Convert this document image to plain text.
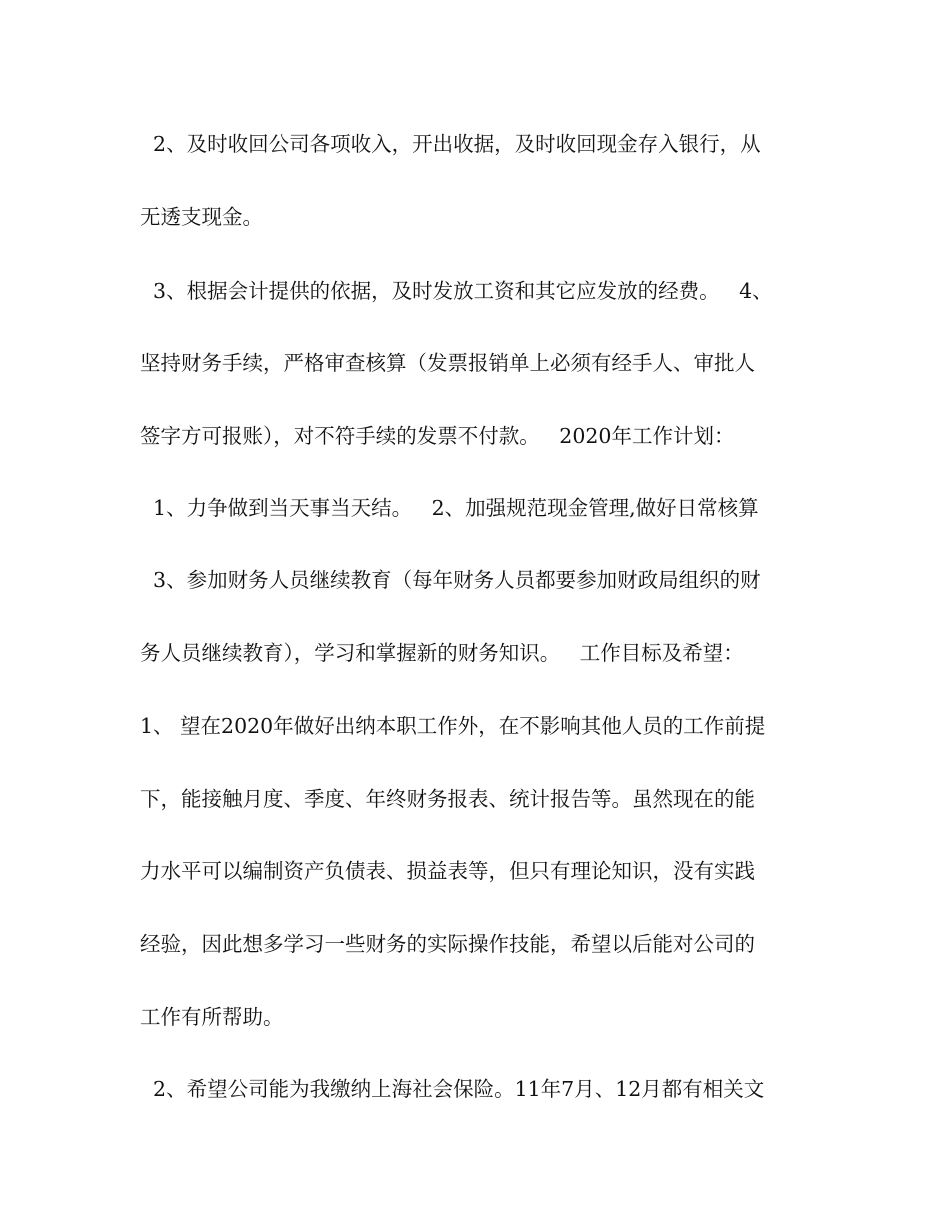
2、及时收回公司各项收入，开出收据，及时收回现金存入银行，从
无透支现金。
3、根据会计提供的依据，及时发放工资和其它应发放的经费。   4、
坚持财务手续，严格审查核算（发票报销单上必须有经手人、审批人
签字方可报账），对不符手续的发票不付款。   2020年工作计划：
1、力争做到当天事当天结。   2、加强规范现金管理,做好日常核算
3、参加财务人员继续教育（每年财务人员都要参加财政局组织的财
务人员继续教育），学习和掌握新的财务知识。   工作目标及希望：
1、 望在2020年做好出纳本职工作外，在不影响其他人员的工作前提
下，能接触月度、季度、年终财务报表、统计报告等。虽然现在的能
力水平可以编制资产负债表、损益表等，但只有理论知识，没有实践
经验，因此想多学习一些财务的实际操作技能，希望以后能对公司的
工作有所帮助。
2、希望公司能为我缴纳上海社会保险。11年7月、12月都有相关文
